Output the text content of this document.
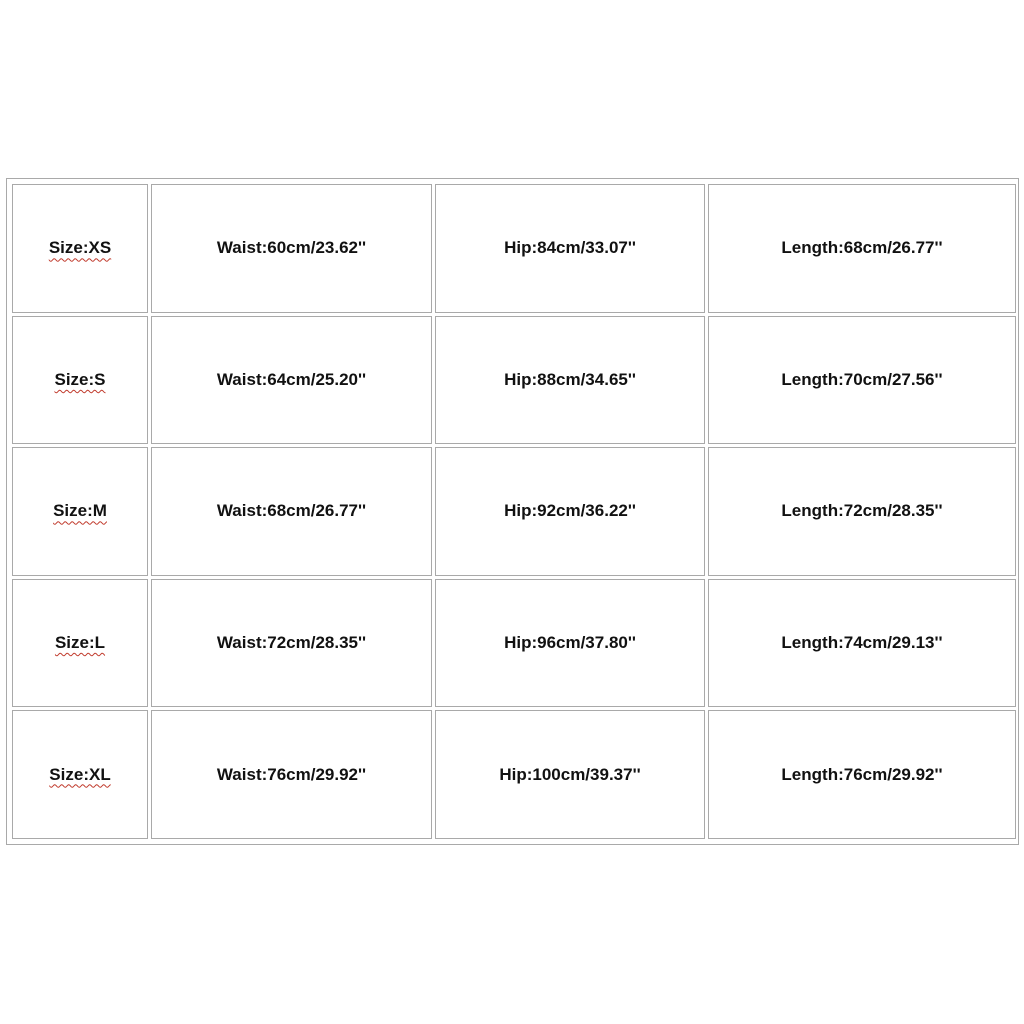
Size:XS	Waist:60cm/23.62''	Hip:84cm/33.07''	Length:68cm/26.77''
Size:S	Waist:64cm/25.20''	Hip:88cm/34.65''	Length:70cm/27.56''
Size:M	Waist:68cm/26.77''	Hip:92cm/36.22''	Length:72cm/28.35''
Size:L	Waist:72cm/28.35''	Hip:96cm/37.80''	Length:74cm/29.13''
Size:XL	Waist:76cm/29.92''	Hip:100cm/39.37''	Length:76cm/29.92''
